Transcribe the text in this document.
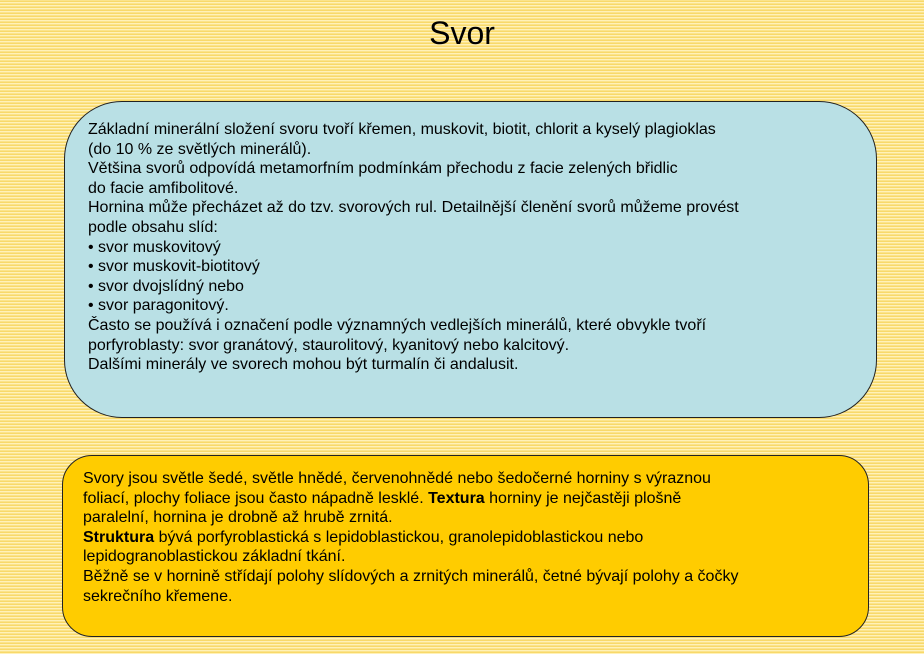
Svor
Základní minerální složení svoru tvoří křemen, muskovit, biotit, chlorit a kyselý plagioklas
(do 10 % ze světlých minerálů).
Většina svorů odpovídá metamorfním podmínkám přechodu z facie zelených břidlic
do facie amfibolitové.
Hornina může přecházet až do tzv. svorových rul. Detailnější členění svorů můžeme provést
podle obsahu slíd:
• svor muskovitový
• svor muskovit-biotitový
• svor dvojslídný nebo
• svor paragonitový.
Často se používá i označení podle významných vedlejších minerálů, které obvykle tvoří
porfyroblasty: svor granátový, staurolitový, kyanitový nebo kalcitový.
Dalšími minerály ve svorech mohou být turmalín či andalusit.
Svory jsou světle šedé, světle hnědé, červenohnědé nebo šedočerné horniny s výraznou
foliací, plochy foliace jsou často nápadně lesklé. Textura horniny je nejčastěji plošně
paralelní, hornina je drobně až hrubě zrnitá.
Struktura bývá porfyroblastická s lepidoblastickou, granolepidoblastickou nebo
lepidogranoblastickou základní tkání.
Běžně se v hornině střídají polohy slídových a zrnitých minerálů, četné bývají polohy a čočky
sekrečního křemene.
